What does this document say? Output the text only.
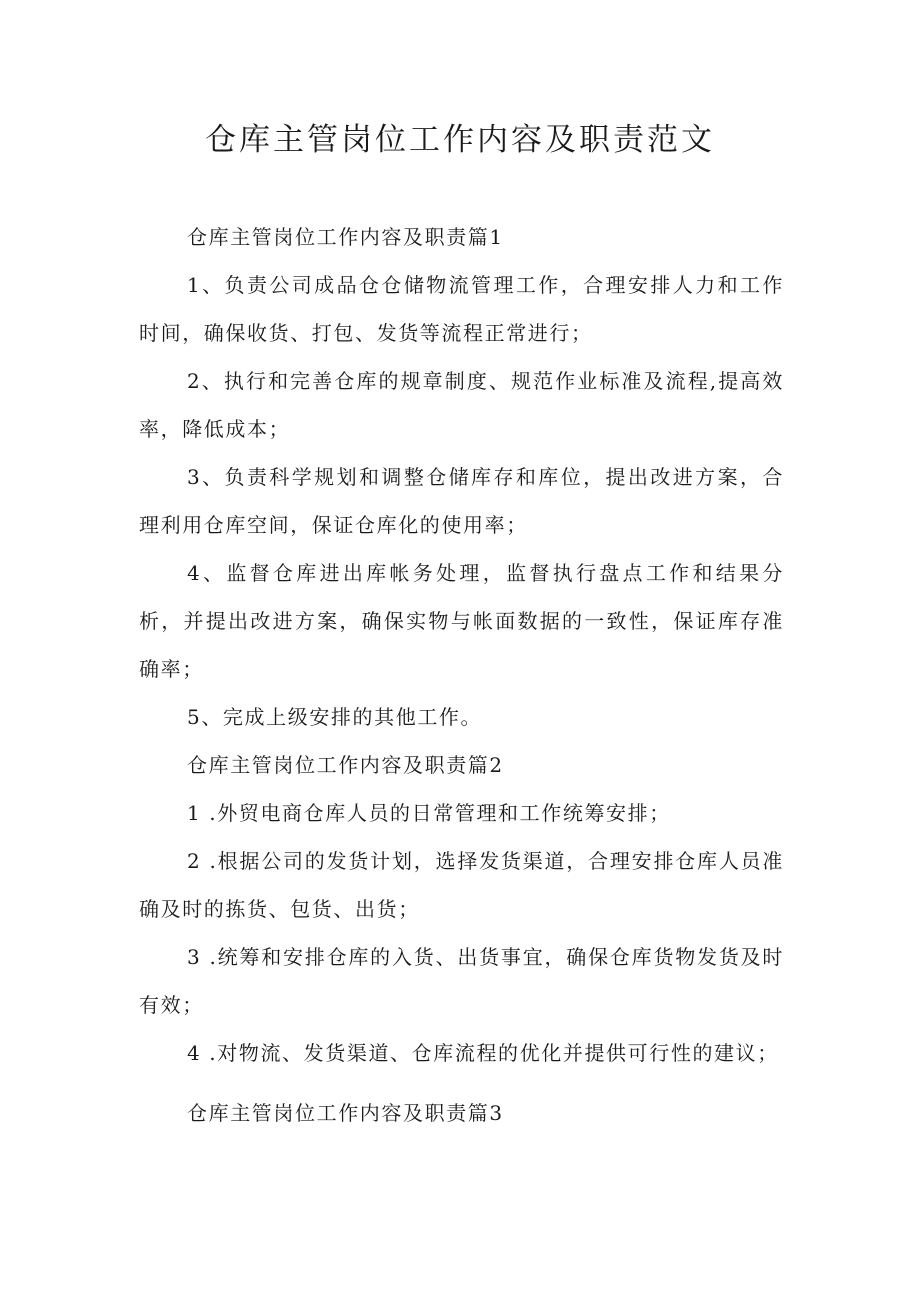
仓库主管岗位工作内容及职责范文

仓库主管岗位工作内容及职责篇1

1、负责公司成品仓仓储物流管理工作，合理安排人力和工作时间，确保收货、打包、发货等流程正常进行；

2、执行和完善仓库的规章制度、规范作业标准及流程,提高效率，降低成本；

3、负责科学规划和调整仓储库存和库位，提出改进方案，合理利用仓库空间，保证仓库化的使用率；

4、监督仓库进出库帐务处理，监督执行盘点工作和结果分析，并提出改进方案，确保实物与帐面数据的一致性，保证库存准确率；

5、完成上级安排的其他工作。

仓库主管岗位工作内容及职责篇2

1 .外贸电商仓库人员的日常管理和工作统筹安排；

2 .根据公司的发货计划，选择发货渠道，合理安排仓库人员准确及时的拣货、包货、出货；

3 .统筹和安排仓库的入货、出货事宜，确保仓库货物发货及时有效；

4 .对物流、发货渠道、仓库流程的优化并提供可行性的建议；

仓库主管岗位工作内容及职责篇3
